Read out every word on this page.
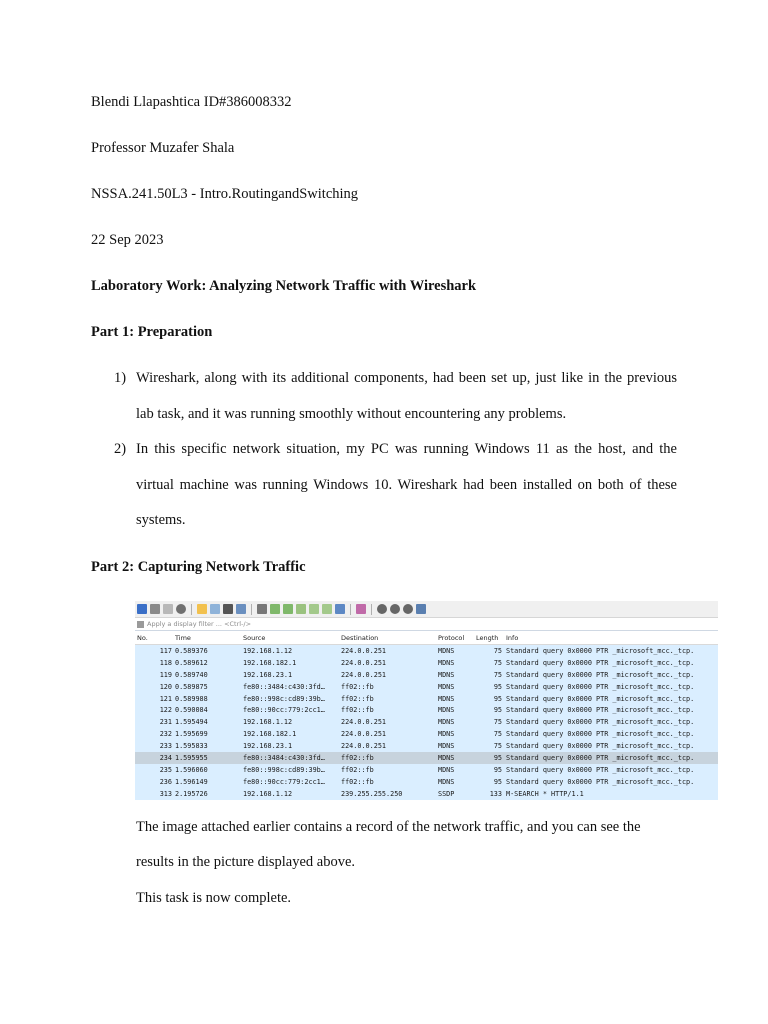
Blendi Llapashtica ID#386008332
Professor Muzafer Shala
NSSA.241.50L3 - Intro.RoutingandSwitching
22 Sep 2023
Laboratory Work: Analyzing Network Traffic with Wireshark
Part 1: Preparation
1) Wireshark, along with its additional components, had been set up, just like in the previous lab task, and it was running smoothly without encountering any problems.
2) In this specific network situation, my PC was running Windows 11 as the host, and the virtual machine was running Windows 10. Wireshark had been installed on both of these systems.
Part 2: Capturing Network Traffic
Apply a display filter ... <Ctrl-/>
No.	Time	Source	Destination	Protocol	Length	Info
117 0.589376	192.168.1.12	224.0.0.251	MDNS	75 Standard query 0x0000 PTR _microsoft_mcc._tcp.
118 0.589612	192.168.182.1	224.0.0.251	MDNS	75 Standard query 0x0000 PTR _microsoft_mcc._tcp.
119 0.589740	192.168.23.1	224.0.0.251	MDNS	75 Standard query 0x0000 PTR _microsoft_mcc._tcp.
120 0.589875	fe80::3484:c430:3fd…	ff02::fb	MDNS	95 Standard query 0x0000 PTR _microsoft_mcc._tcp.
121 0.589988	fe80::998c:cd89:39b…	ff02::fb	MDNS	95 Standard query 0x0000 PTR _microsoft_mcc._tcp.
122 0.590084	fe80::90cc:779:2cc1…	ff02::fb	MDNS	95 Standard query 0x0000 PTR _microsoft_mcc._tcp.
231 1.595494	192.168.1.12	224.0.0.251	MDNS	75 Standard query 0x0000 PTR _microsoft_mcc._tcp.
232 1.595699	192.168.182.1	224.0.0.251	MDNS	75 Standard query 0x0000 PTR _microsoft_mcc._tcp.
233 1.595833	192.168.23.1	224.0.0.251	MDNS	75 Standard query 0x0000 PTR _microsoft_mcc._tcp.
234 1.595955	fe80::3484:c430:3fd…	ff02::fb	MDNS	95 Standard query 0x0000 PTR _microsoft_mcc._tcp.
235 1.596060	fe80::998c:cd89:39b…	ff02::fb	MDNS	95 Standard query 0x0000 PTR _microsoft_mcc._tcp.
236 1.596149	fe80::90cc:779:2cc1…	ff02::fb	MDNS	95 Standard query 0x0000 PTR _microsoft_mcc._tcp.
313 2.195726	192.168.1.12	239.255.255.250	SSDP	133 M-SEARCH * HTTP/1.1
The image attached earlier contains a record of the network traffic, and you can see the
results in the picture displayed above.
This task is now complete.
